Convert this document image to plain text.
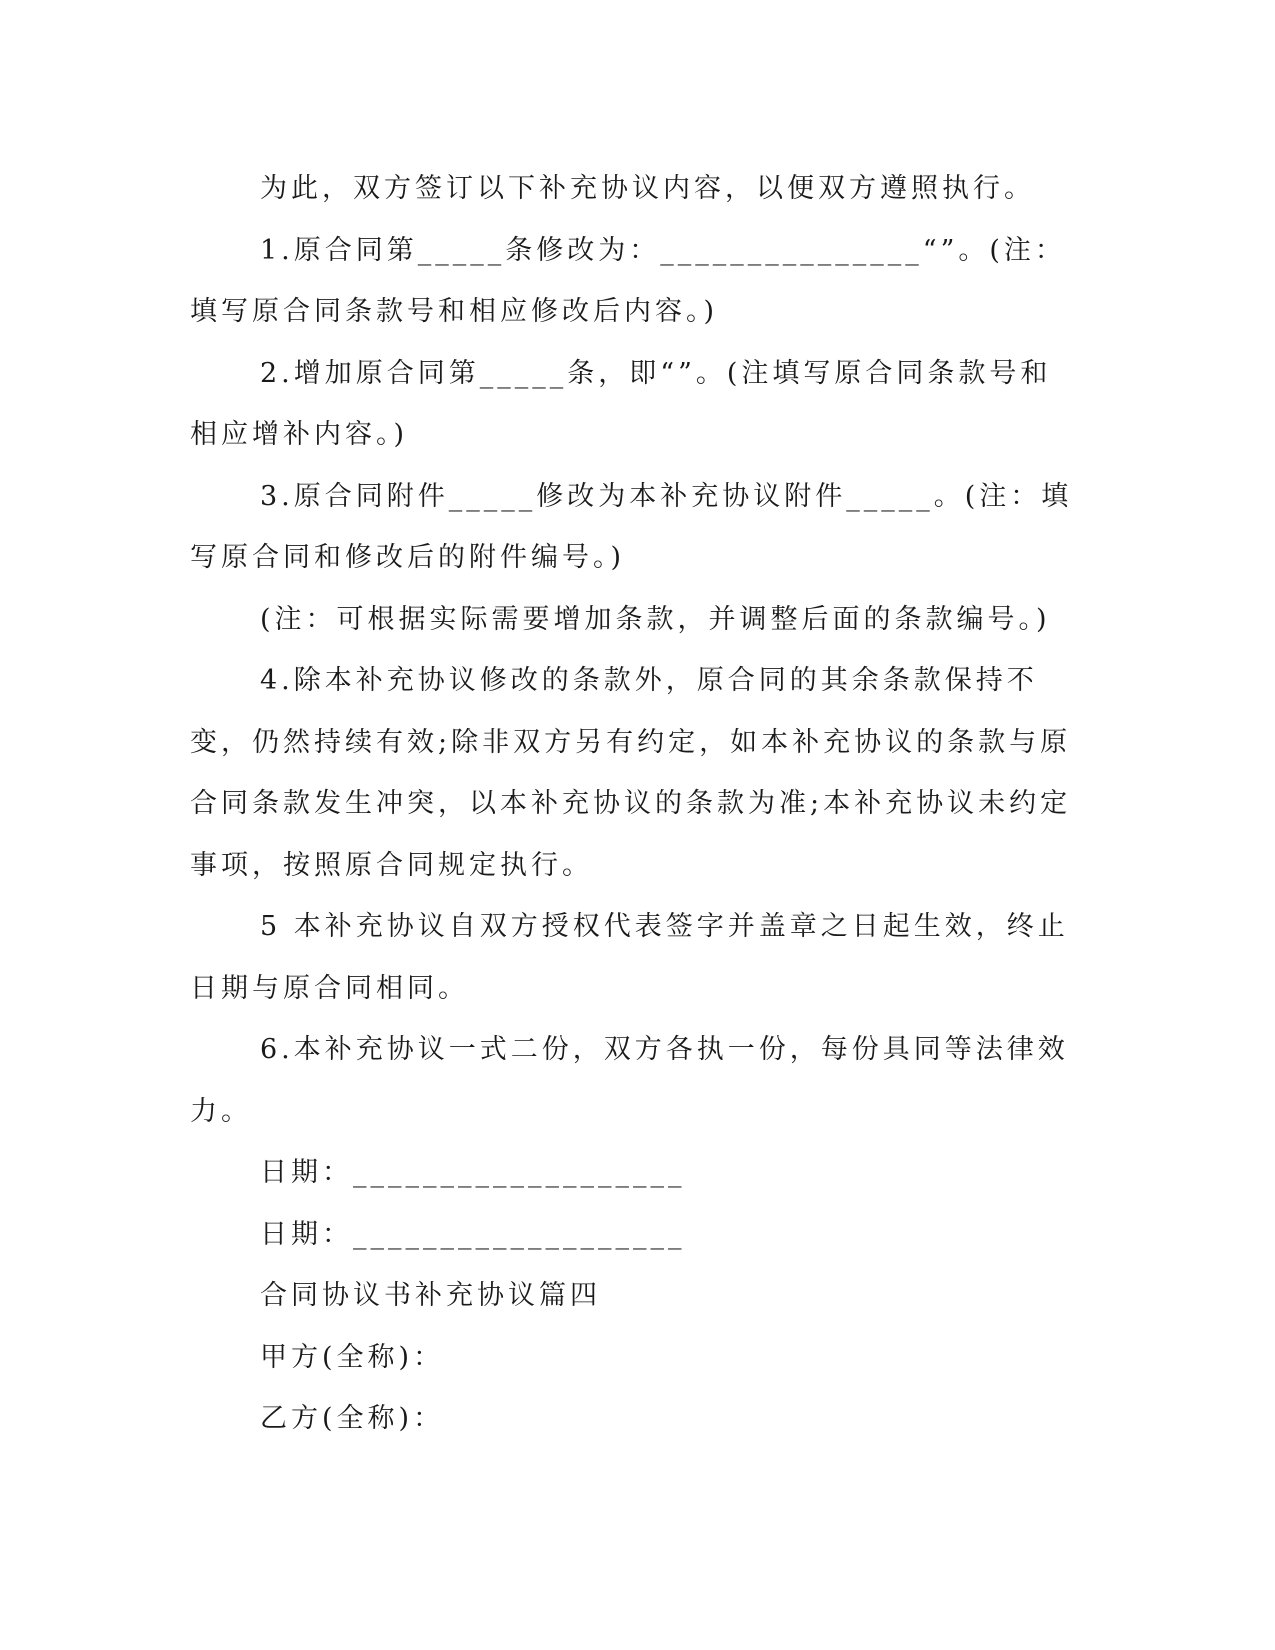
为此，双方签订以下补充协议内容，以便双方遵照执行。

1.原合同第_____条修改为：_______________“”。(注：填写原合同条款号和相应修改后内容。)

2.增加原合同第_____条，即“”。(注填写原合同条款号和相应增补内容。)

3.原合同附件_____修改为本补充协议附件_____。(注：填写原合同和修改后的附件编号。)

(注：可根据实际需要增加条款，并调整后面的条款编号。)

4.除本补充协议修改的条款外，原合同的其余条款保持不变，仍然持续有效;除非双方另有约定，如本补充协议的条款与原合同条款发生冲突，以本补充协议的条款为准;本补充协议未约定事项，按照原合同规定执行。

5 本补充协议自双方授权代表签字并盖章之日起生效，终止日期与原合同相同。

6.本补充协议一式二份，双方各执一份，每份具同等法律效力。

日期：___________________

日期：___________________

合同协议书补充协议篇四

甲方(全称)：

乙方(全称)：
